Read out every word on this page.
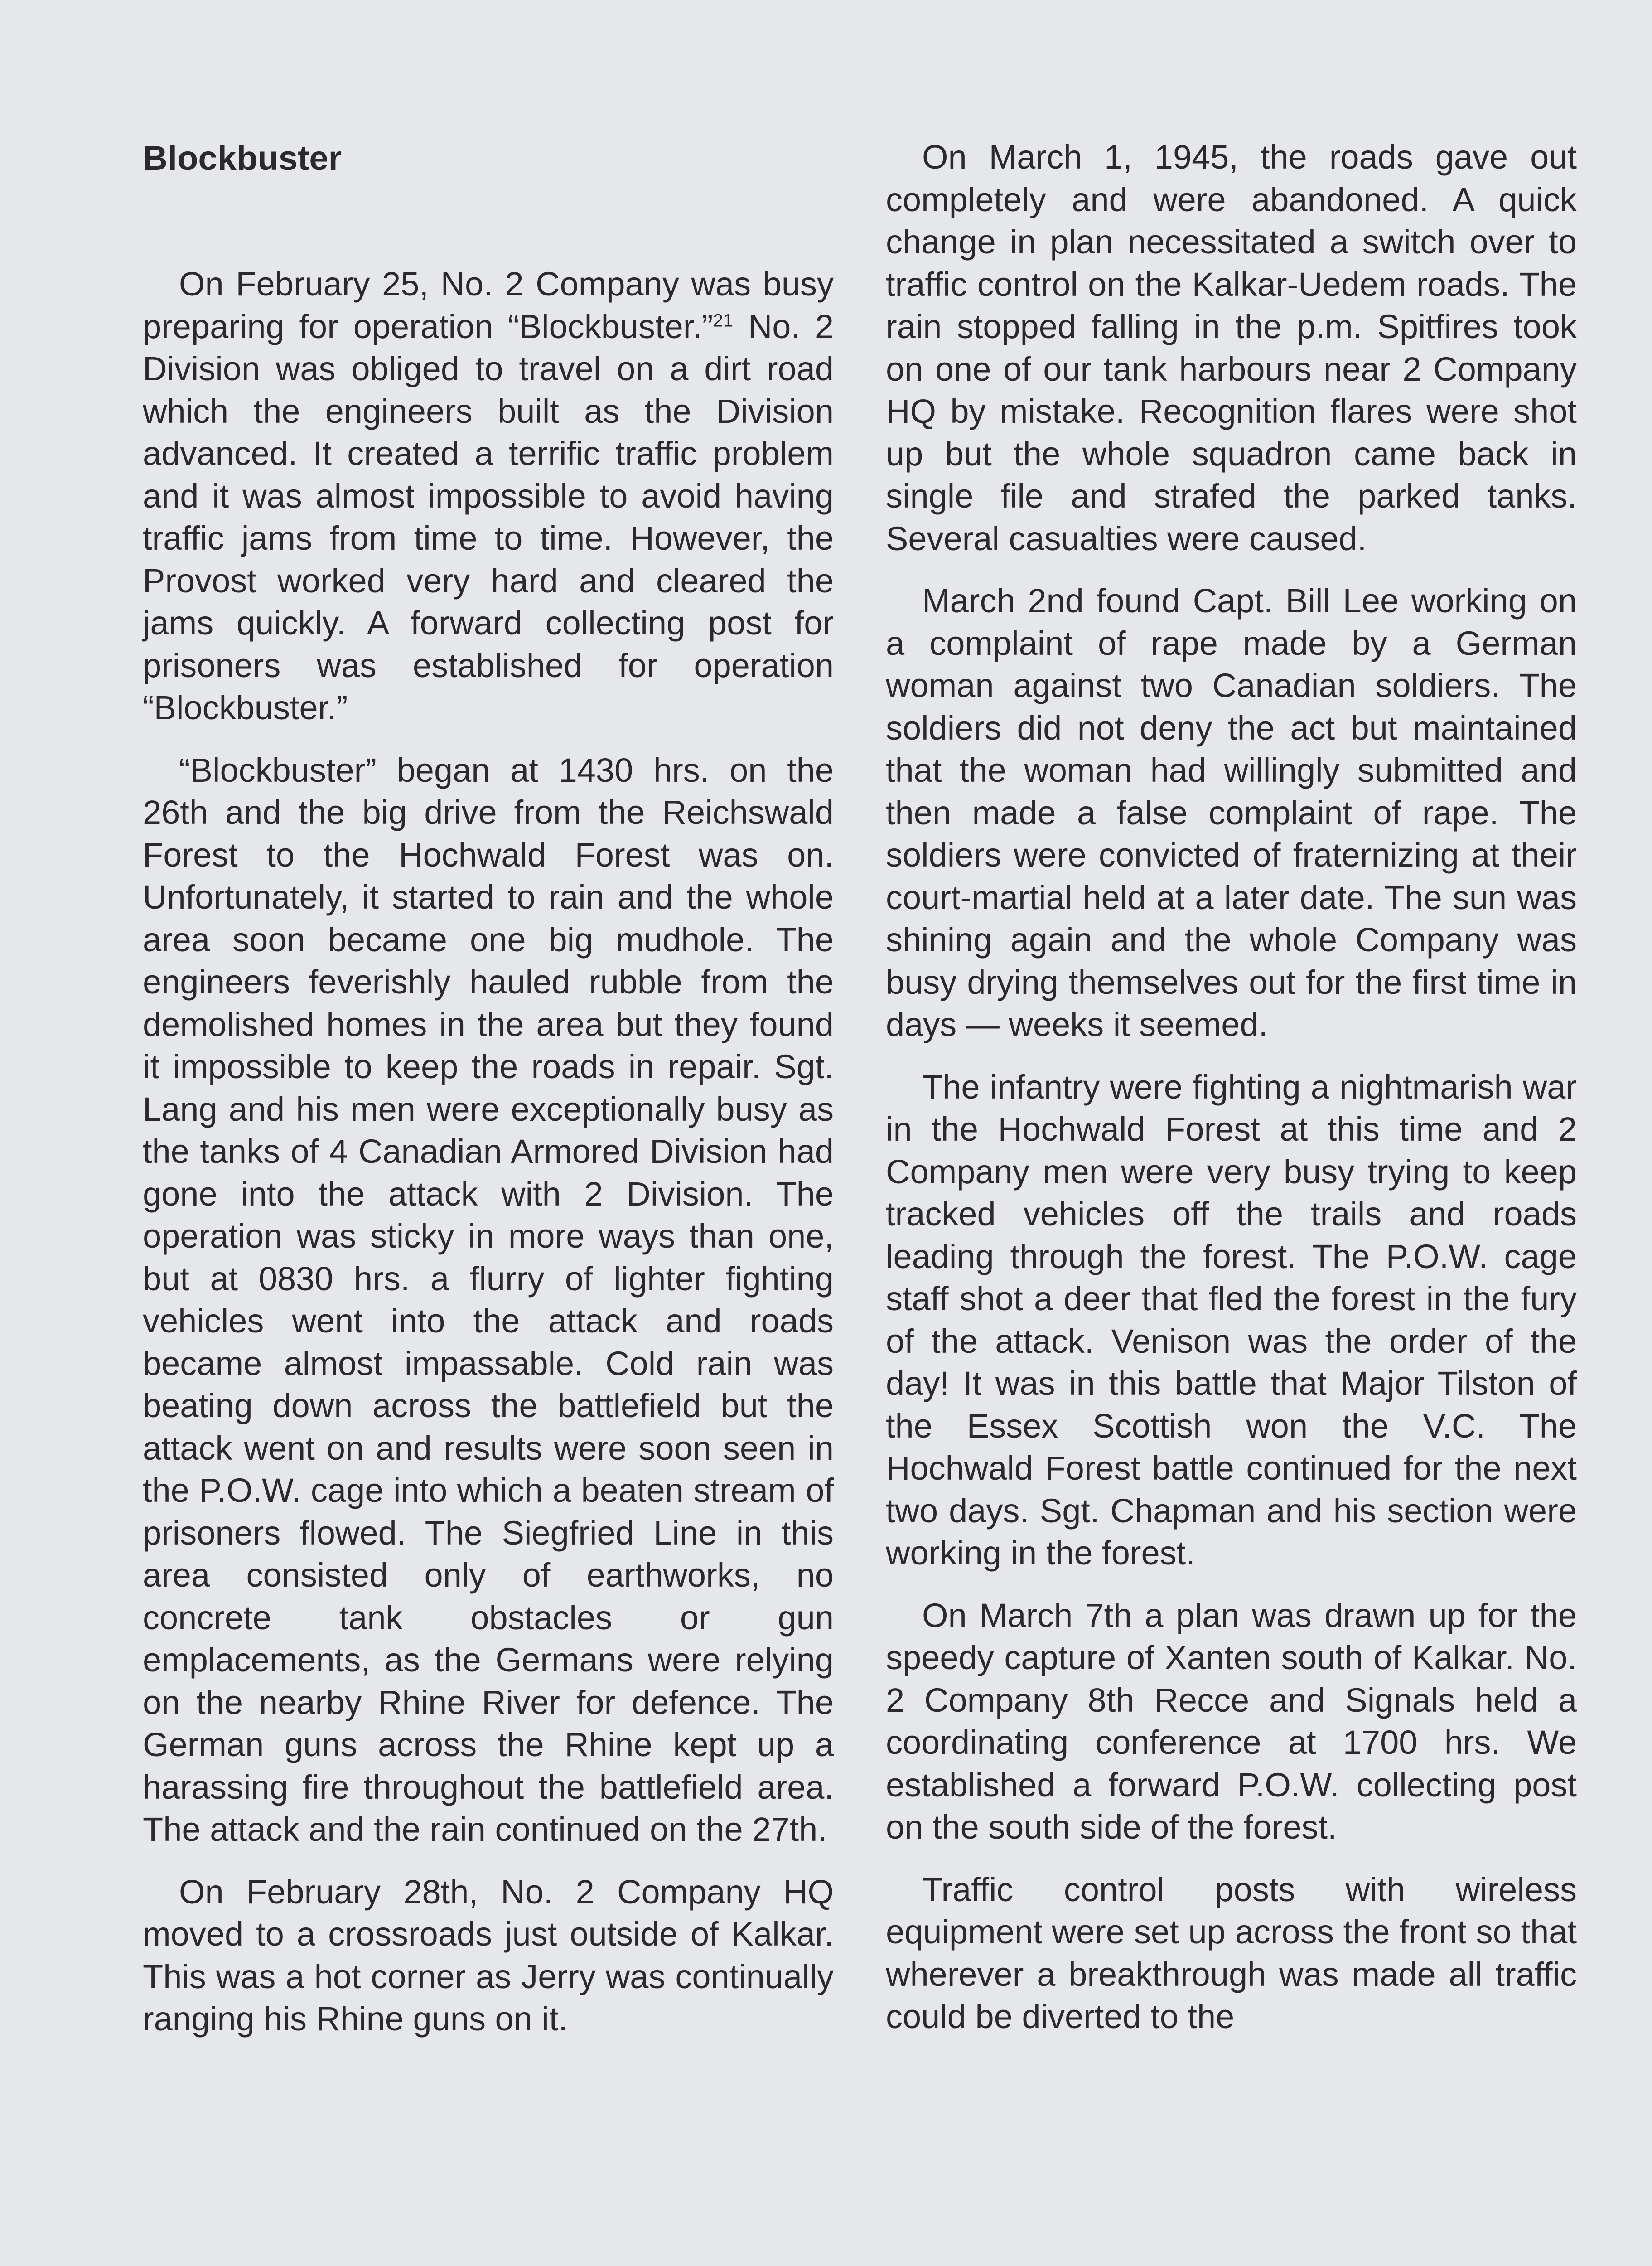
Blockbuster

On February 25, No. 2 Company was busy preparing for operation “Blockbuster.”$^{21}$ No. 2 Division was obliged to travel on a dirt road which the engineers built as the Division advanced. It created a terrific traffic problem and it was almost impossible to avoid having traffic jams from time to time. However, the Provost worked very hard and cleared the jams quickly. A forward collecting post for prisoners was established for operation “Blockbuster.”

“Blockbuster” began at 1430 hrs. on the 26th and the big drive from the Reichswald Forest to the Hochwald Forest was on. Unfortunately, it started to rain and the whole area soon became one big mudhole. The engineers feverishly hauled rubble from the demolished homes in the area but they found it impossible to keep the roads in repair. Sgt. Lang and his men were exceptionally busy as the tanks of 4 Canadian Armored Division had gone into the attack with 2 Division. The operation was sticky in more ways than one, but at 0830 hrs. a flurry of lighter fighting vehicles went into the attack and roads became almost impassable. Cold rain was beating down across the battlefield but the attack went on and results were soon seen in the P.O.W. cage into which a beaten stream of prisoners flowed. The Siegfried Line in this area consisted only of earthworks, no concrete tank obstacles or gun emplacements, as the Germans were relying on the nearby Rhine River for defence. The German guns across the Rhine kept up a harassing fire throughout the battlefield area. The attack and the rain continued on the 27th.

On February 28th, No. 2 Company HQ moved to a crossroads just outside of Kalkar. This was a hot corner as Jerry was continually ranging his Rhine guns on it.

On March 1, 1945, the roads gave out completely and were abandoned. A quick change in plan necessitated a switch over to traffic control on the Kalkar-Uedem roads. The rain stopped falling in the p.m. Spitfires took on one of our tank harbours near 2 Company HQ by mistake. Recognition flares were shot up but the whole squadron came back in single file and strafed the parked tanks. Several casualties were caused.

March 2nd found Capt. Bill Lee working on a complaint of rape made by a German woman against two Canadian soldiers. The soldiers did not deny the act but maintained that the woman had willingly submitted and then made a false complaint of rape. The soldiers were convicted of fraternizing at their court-martial held at a later date. The sun was shining again and the whole Company was busy drying themselves out for the first time in days — weeks it seemed.

The infantry were fighting a nightmarish war in the Hochwald Forest at this time and 2 Company men were very busy trying to keep tracked vehicles off the trails and roads leading through the forest. The P.O.W. cage staff shot a deer that fled the forest in the fury of the attack. Venison was the order of the day! It was in this battle that Major Tilston of the Essex Scottish won the V.C. The Hochwald Forest battle continued for the next two days. Sgt. Chapman and his section were working in the forest.

On March 7th a plan was drawn up for the speedy capture of Xanten south of Kalkar. No. 2 Company 8th Recce and Signals held a coordinating conference at 1700 hrs. We established a forward P.O.W. collecting post on the south side of the forest.

Traffic control posts with wireless equipment were set up across the front so that wherever a breakthrough was made all traffic could be diverted to the
